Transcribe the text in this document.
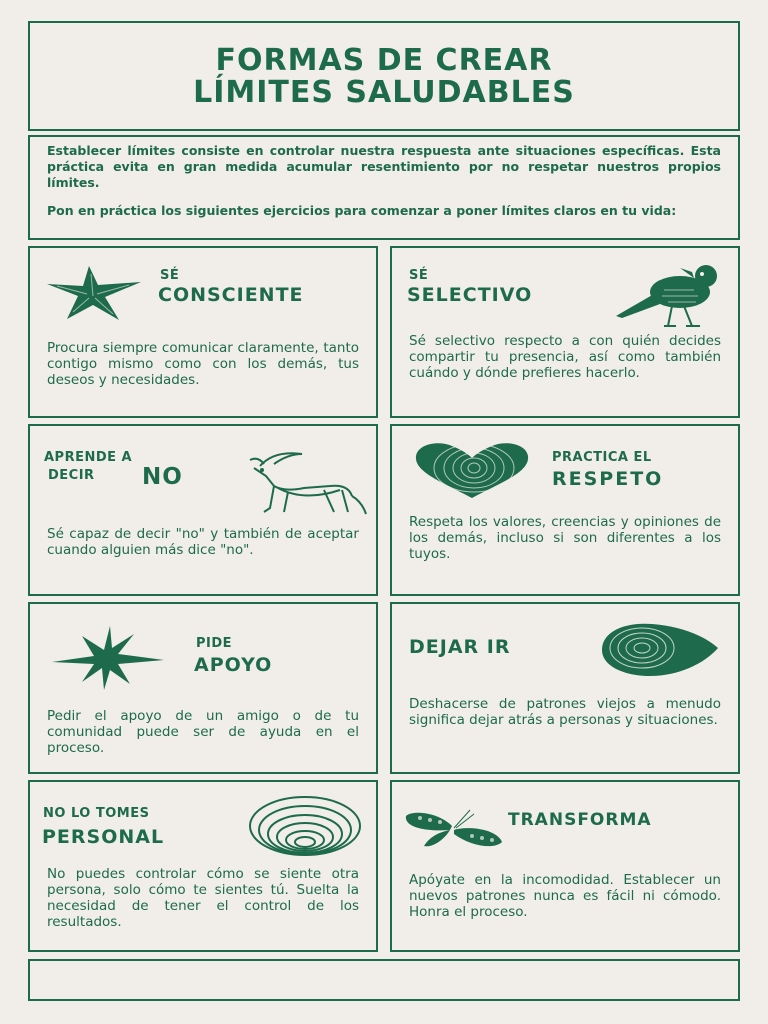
FORMAS DE CREAR
LÍMITES SALUDABLES

Establecer límites consiste en controlar nuestra respuesta ante situaciones específicas. Esta práctica evita en gran medida acumular resentimiento por no respetar nuestros propios límites.

Pon en práctica los siguientes ejercicios para comenzar a poner límites claros en tu vida:

SÉ
CONSCIENTE

Procura siempre comunicar claramente, tanto contigo mismo como con los demás, tus deseos y necesidades.

SÉ
SELECTIVO

Sé selectivo respecto a con quién decides compartir tu presencia, así como también cuándo y dónde prefieres hacerlo.

APRENDE A
DECIR NO

Sé capaz de decir "no" y también de aceptar cuando alguien más dice "no".

PRACTICA EL
RESPETO

Respeta los valores, creencias y opiniones de los demás, incluso si son diferentes a los tuyos.

PIDE
APOYO

Pedir el apoyo de un amigo o de tu comunidad puede ser de ayuda en el proceso.

DEJAR IR

Deshacerse de patrones viejos a menudo significa dejar atrás a personas y situaciones.

NO LO TOMES
PERSONAL

No puedes controlar cómo se siente otra persona, solo cómo te sientes tú. Suelta la necesidad de tener el control de los resultados.

TRANSFORMA

Apóyate en la incomodidad. Establecer un nuevos patrones nunca es fácil ni cómodo. Honra el proceso.
